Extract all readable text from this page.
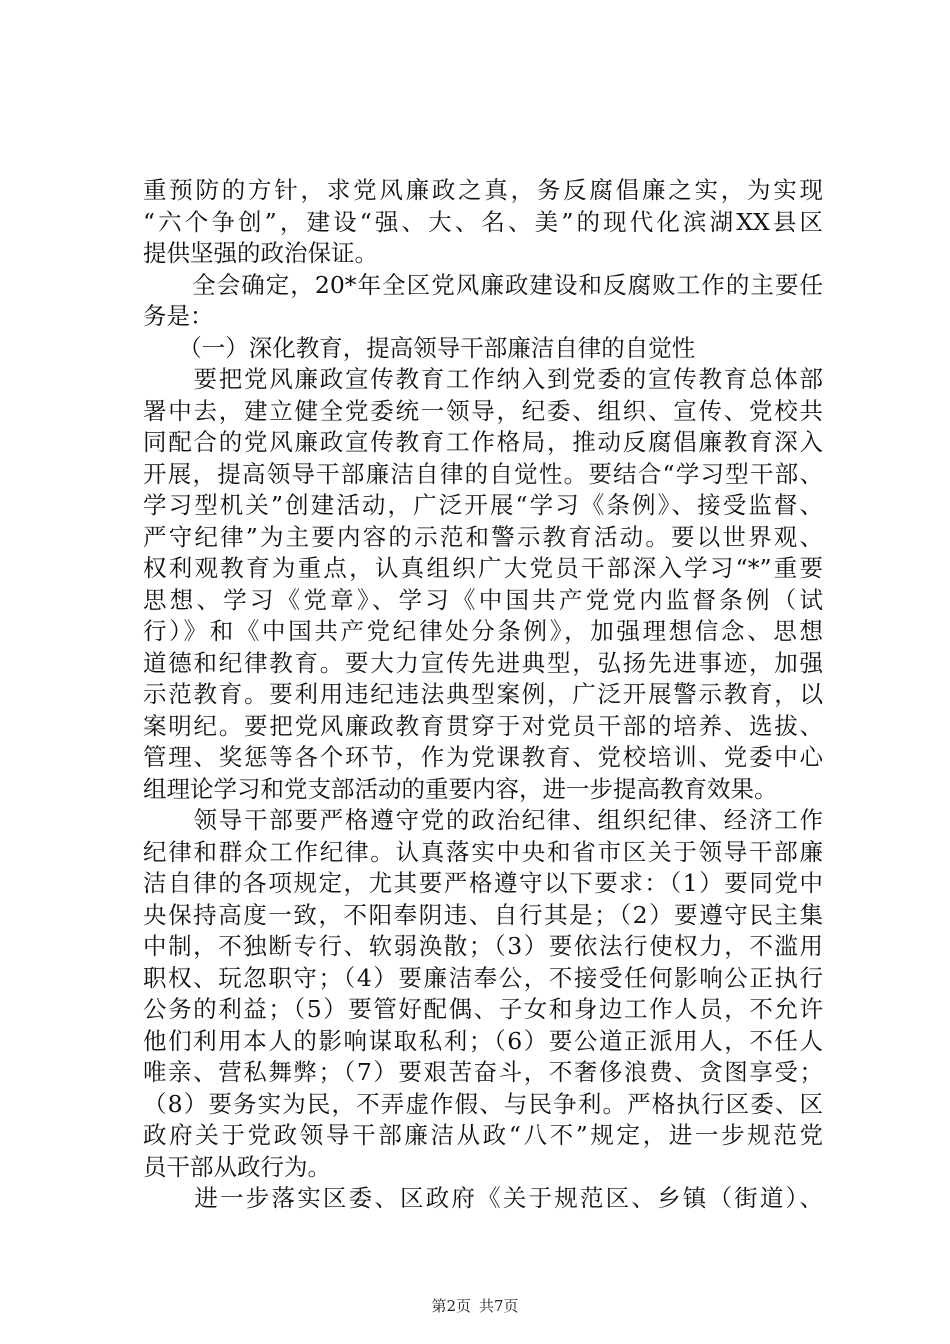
重预防的方针，求党风廉政之真，务反腐倡廉之实，为实现
“六个争创”，建设“强、大、名、美”的现代化滨湖XX县区
提供坚强的政治保证。
　　全会确定，20*年全区党风廉政建设和反腐败工作的主要任
务是：
　　（一）深化教育，提高领导干部廉洁自律的自觉性
　　要把党风廉政宣传教育工作纳入到党委的宣传教育总体部
署中去，建立健全党委统一领导，纪委、组织、宣传、党校共
同配合的党风廉政宣传教育工作格局，推动反腐倡廉教育深入
开展，提高领导干部廉洁自律的自觉性。要结合“学习型干部、
学习型机关”创建活动，广泛开展“学习《条例》、接受监督、
严守纪律”为主要内容的示范和警示教育活动。要以世界观、
权利观教育为重点，认真组织广大党员干部深入学习“*”重要
思想、学习《党章》、学习《中国共产党党内监督条例（试
行）》和《中国共产党纪律处分条例》，加强理想信念、思想
道德和纪律教育。要大力宣传先进典型，弘扬先进事迹，加强
示范教育。要利用违纪违法典型案例，广泛开展警示教育，以
案明纪。要把党风廉政教育贯穿于对党员干部的培养、选拔、
管理、奖惩等各个环节，作为党课教育、党校培训、党委中心
组理论学习和党支部活动的重要内容，进一步提高教育效果。
　　领导干部要严格遵守党的政治纪律、组织纪律、经济工作
纪律和群众工作纪律。认真落实中央和省市区关于领导干部廉
洁自律的各项规定，尤其要严格遵守以下要求：（1）要同党中
央保持高度一致，不阳奉阴违、自行其是；（2）要遵守民主集
中制，不独断专行、软弱涣散；（3）要依法行使权力，不滥用
职权、玩忽职守；（4）要廉洁奉公，不接受任何影响公正执行
公务的利益；（5）要管好配偶、子女和身边工作人员，不允许
他们利用本人的影响谋取私利；（6）要公道正派用人，不任人
唯亲、营私舞弊；（7）要艰苦奋斗，不奢侈浪费、贪图享受；
（8）要务实为民，不弄虚作假、与民争利。严格执行区委、区
政府关于党政领导干部廉洁从政“八不”规定，进一步规范党
员干部从政行为。
　　进一步落实区委、区政府《关于规范区、乡镇（街道）、
第2页 共7页
